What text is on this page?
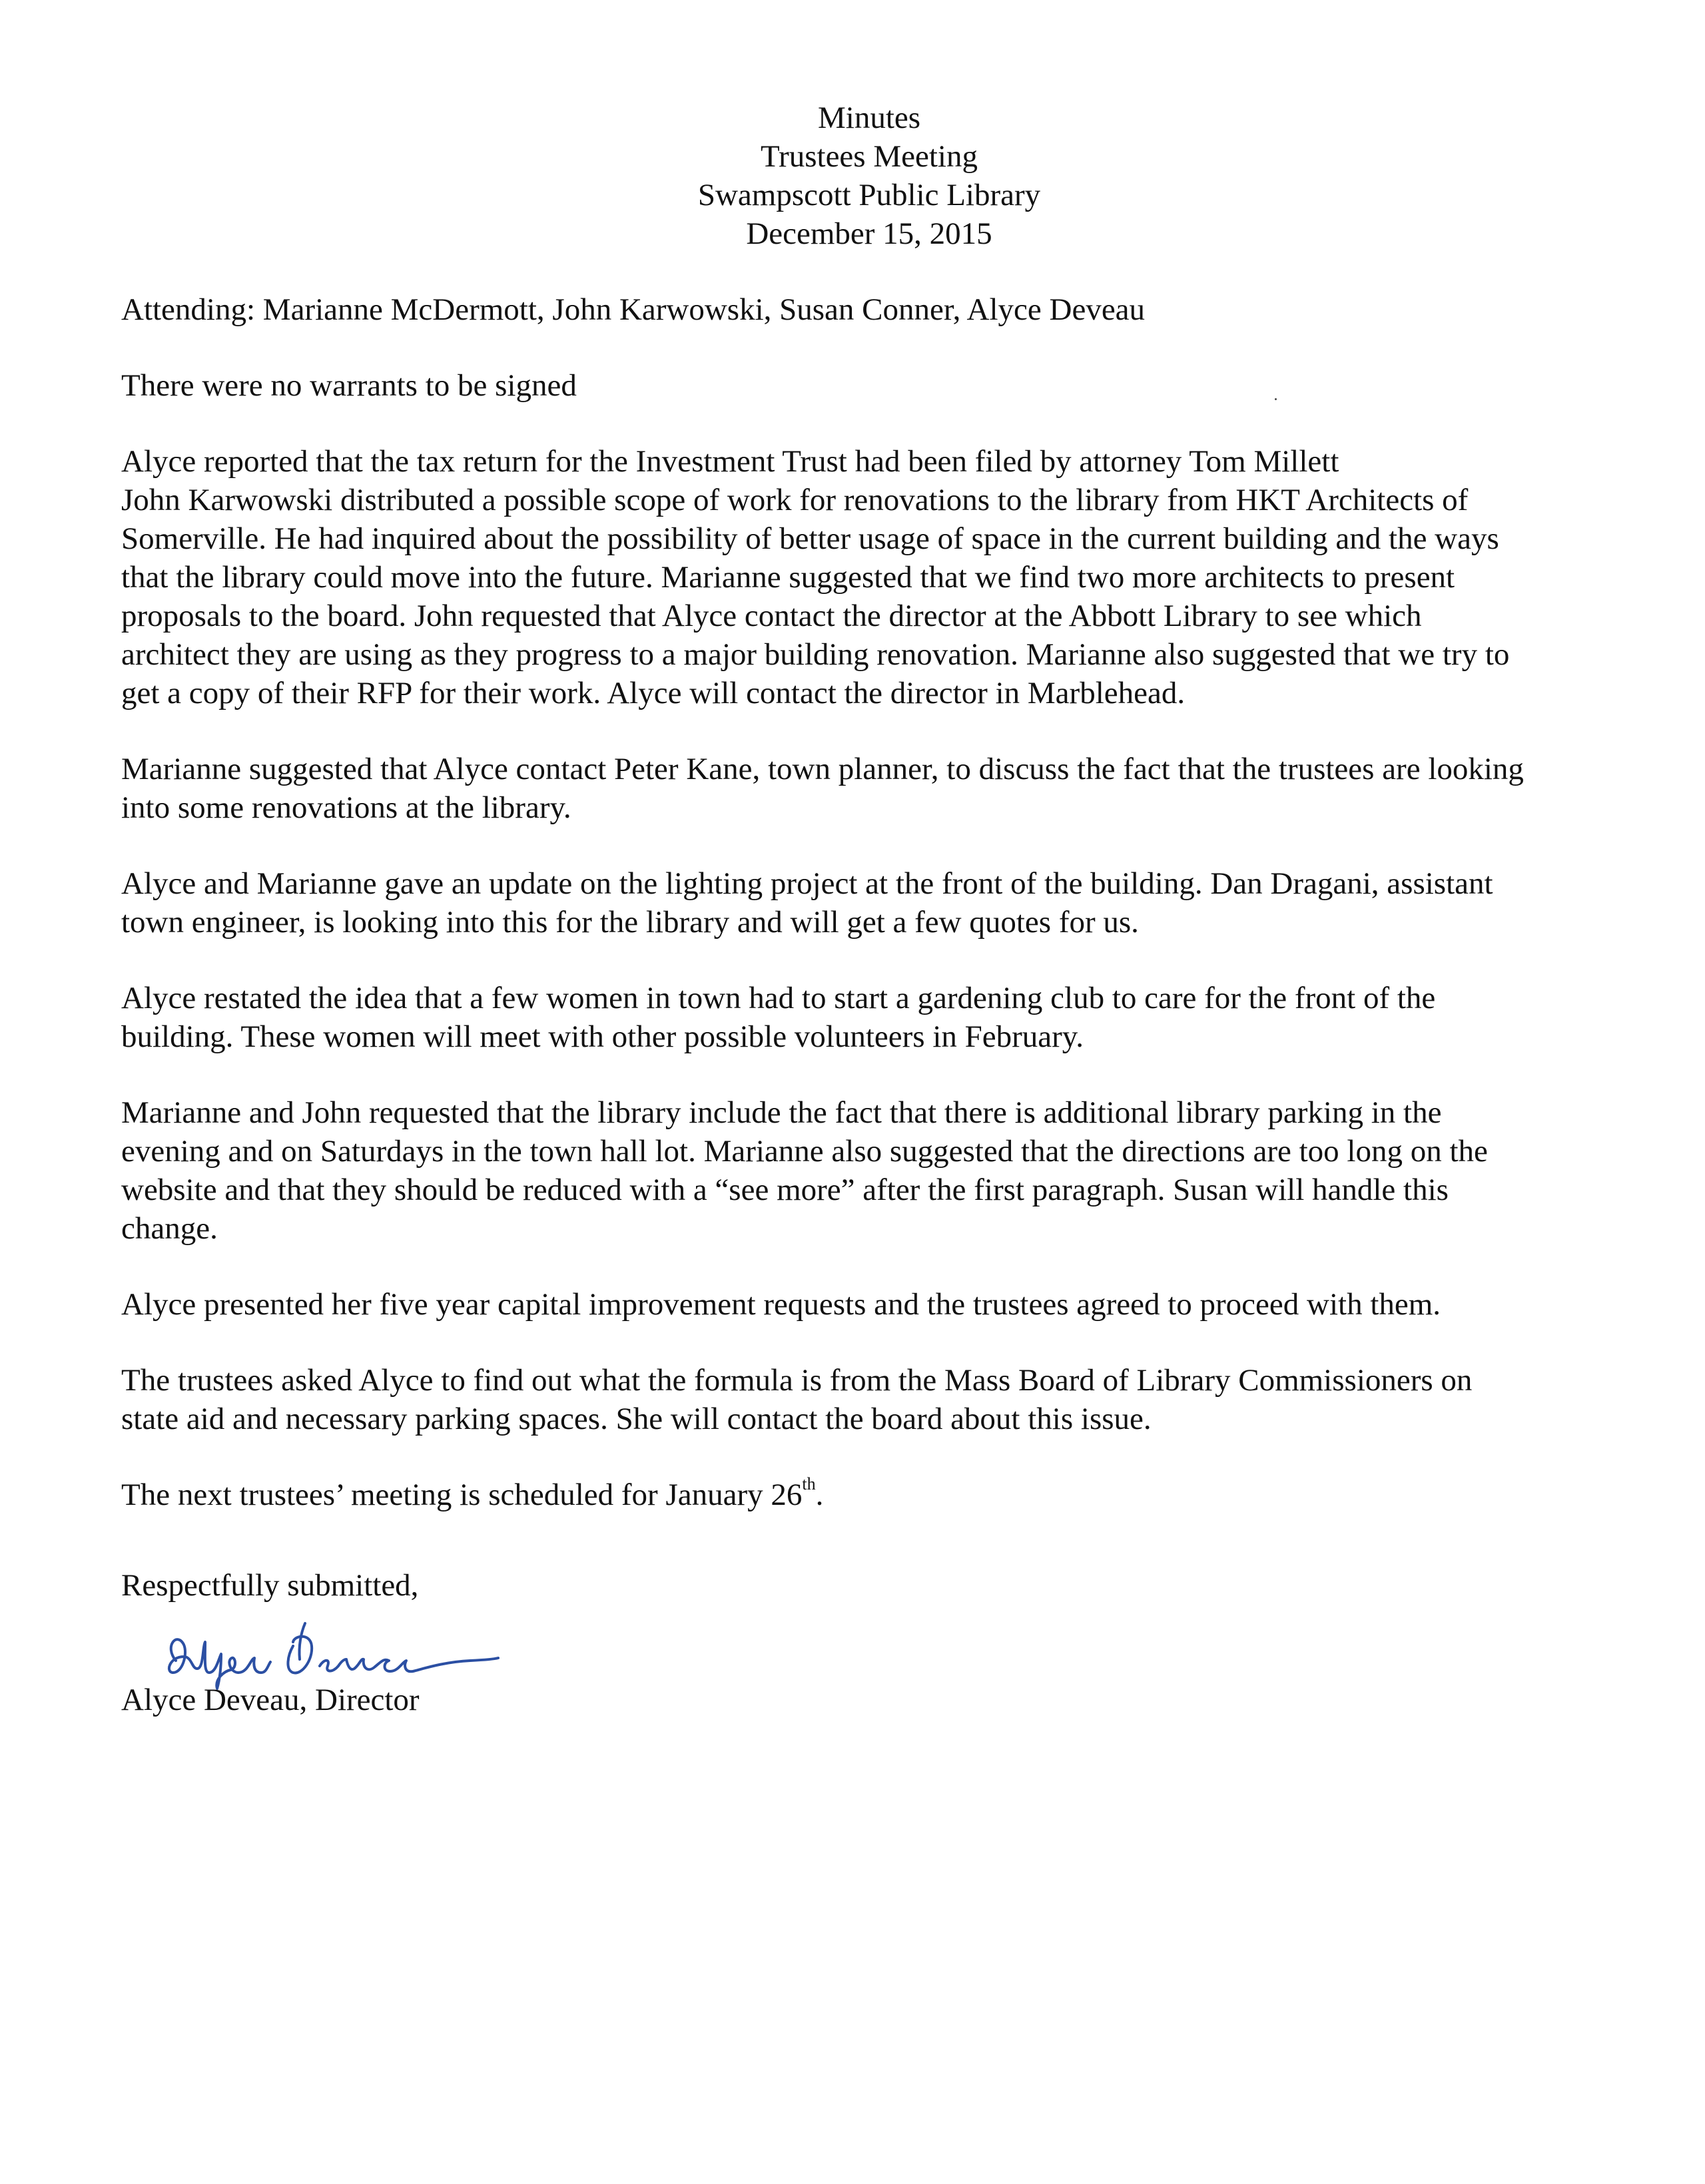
Minutes
Trustees Meeting
Swampscott Public Library
December 15, 2015

Attending: Marianne McDermott, John Karwowski, Susan Conner, Alyce Deveau

There were no warrants to be signed

Alyce reported that the tax return for the Investment Trust had been filed by attorney Tom Millett
John Karwowski distributed a possible scope of work for renovations to the library from HKT Architects of
Somerville. He had inquired about the possibility of better usage of space in the current building and the ways
that the library could move into the future. Marianne suggested that we find two more architects to present
proposals to the board. John requested that Alyce contact the director at the Abbott Library to see which
architect they are using as they progress to a major building renovation. Marianne also suggested that we try to
get a copy of their RFP for their work. Alyce will contact the director in Marblehead.

Marianne suggested that Alyce contact Peter Kane, town planner, to discuss the fact that the trustees are looking
into some renovations at the library.

Alyce and Marianne gave an update on the lighting project at the front of the building. Dan Dragani, assistant
town engineer, is looking into this for the library and will get a few quotes for us.

Alyce restated the idea that a few women in town had to start a gardening club to care for the front of the
building. These women will meet with other possible volunteers in February.

Marianne and John requested that the library include the fact that there is additional library parking in the
evening and on Saturdays in the town hall lot. Marianne also suggested that the directions are too long on the
website and that they should be reduced with a “see more” after the first paragraph. Susan will handle this
change.

Alyce presented her five year capital improvement requests and the trustees agreed to proceed with them.

The trustees asked Alyce to find out what the formula is from the Mass Board of Library Commissioners on
state aid and necessary parking spaces. She will contact the board about this issue.

The next trustees’ meeting is scheduled for January 26th.

Respectfully submitted,
Alyce Deveau, Director
